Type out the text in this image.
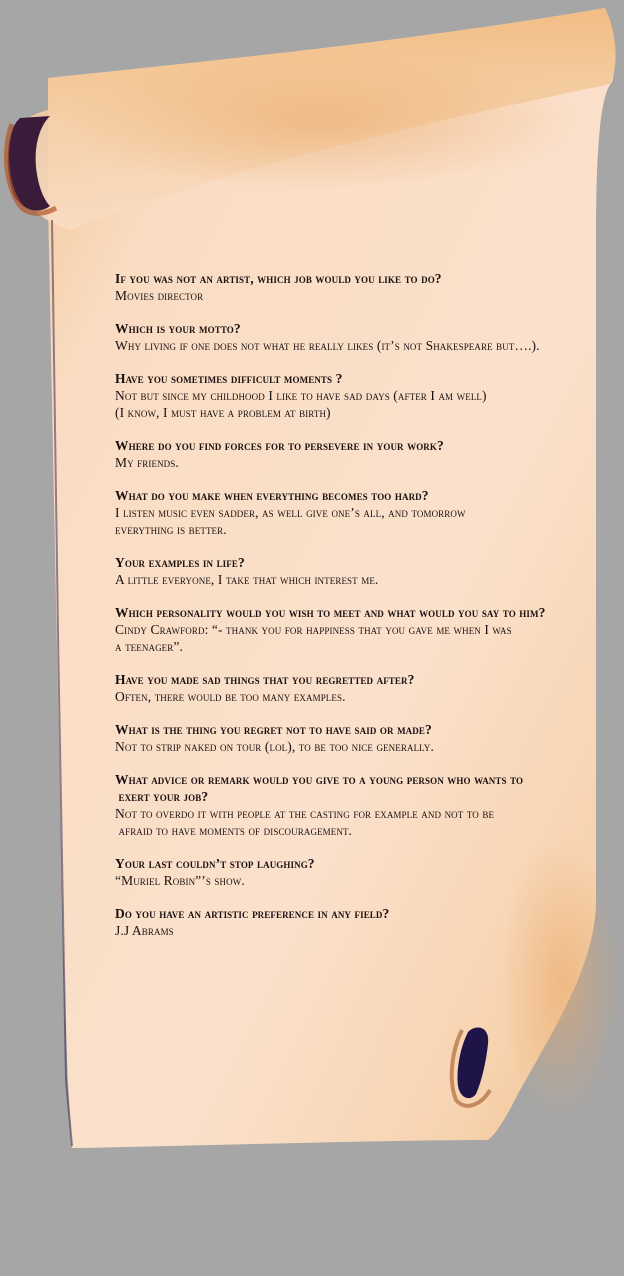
If you was not an artist, which job would you like to do?

Movies director

Which is your motto?

Why living if one does not what he really likes (it’s not Shakespeare but….).

Have you sometimes difficult moments ?

Not but since my childhood I like to have sad days (after I am well)
(I know, I must have a problem at birth)

Where do you find forces for to persevere in your work?

My friends.

What do you make when everything becomes too hard?

I listen music even sadder, as well give one’s all, and tomorrow
everything is better.

Your examples in life?

A little everyone, I take that which interest me.

Which personality would you wish to meet and what would you say to him?

Cindy Crawford: “- thank you for happiness that you gave me when I was
a teenager”.

Have you made sad things that you regretted after?

Often, there would be too many examples.

What is the thing you regret not to have said or made?

Not to strip naked on tour (lol), to be too nice generally.

What advice or remark would you give to a young person who wants to
exert your job?

Not to overdo it with people at the casting for example and not to be
afraid to have moments of discouragement.

Your last couldn’t stop laughing?

“Muriel Robin”’s show.

Do you have an artistic preference in any field?

J.J Abrams
